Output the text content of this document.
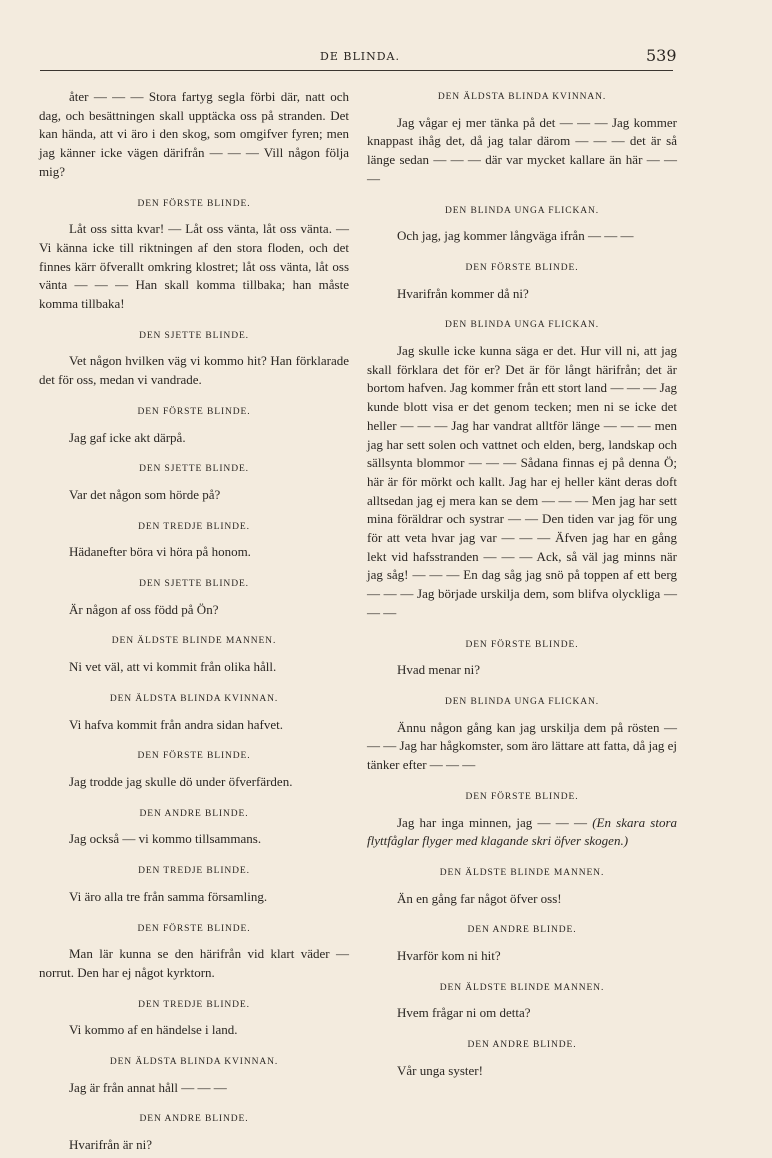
DE BLINDA.	539

åter — — — Stora fartyg segla förbi där, natt och dag, och besättningen skall upptäcka oss på stranden. Det kan hända, att vi äro i den skog, som omgifver fyren; men jag känner icke vägen därifrån — — — Vill någon följa mig?

DEN FÖRSTE BLINDE.

Låt oss sitta kvar! — Låt oss vänta, låt oss vänta. — Vi känna icke till riktningen af den stora floden, och det finnes kärr öfverallt omkring klostret; låt oss vänta, låt oss vänta — — — Han skall komma tillbaka; han måste komma tillbaka!

DEN SJETTE BLINDE.

Vet någon hvilken väg vi kommo hit? Han förklarade det för oss, medan vi vandrade.

DEN FÖRSTE BLINDE.

Jag gaf icke akt därpå.

DEN SJETTE BLINDE.

Var det någon som hörde på?

DEN TREDJE BLINDE.

Hädanefter böra vi höra på honom.

DEN SJETTE BLINDE.

Är någon af oss född på Ön?

DEN ÄLDSTE BLINDE MANNEN.

Ni vet väl, att vi kommit från olika håll.

DEN ÄLDSTA BLINDA KVINNAN.

Vi hafva kommit från andra sidan hafvet.

DEN FÖRSTE BLINDE.

Jag trodde jag skulle dö under öfverfärden.

DEN ANDRE BLINDE.

Jag också — vi kommo tillsammans.

DEN TREDJE BLINDE.

Vi äro alla tre från samma församling.

DEN FÖRSTE BLINDE.

Man lär kunna se den härifrån vid klart väder — norrut. Den har ej något kyrktorn.

DEN TREDJE BLINDE.

Vi kommo af en händelse i land.

DEN ÄLDSTA BLINDA KVINNAN.

Jag är från annat håll — — —

DEN ANDRE BLINDE.

Hvarifrån är ni?

DEN ÄLDSTA BLINDA KVINNAN.

Jag vågar ej mer tänka på det — — — Jag kommer knappast ihåg det, då jag talar därom — — — det är så länge sedan — — — där var mycket kallare än här — — —

DEN BLINDA UNGA FLICKAN.

Och jag, jag kommer långväga ifrån — — —

DEN FÖRSTE BLINDE.

Hvarifrån kommer då ni?

DEN BLINDA UNGA FLICKAN.

Jag skulle icke kunna säga er det. Hur vill ni, att jag skall förklara det för er? Det är för långt härifrån; det är bortom hafven. Jag kommer från ett stort land — — — Jag kunde blott visa er det genom tecken; men ni se icke det heller — — — Jag har vandrat alltför länge — — — men jag har sett solen och vattnet och elden, berg, landskap och sällsynta blommor — — — Sådana finnas ej på denna Ö; här är för mörkt och kallt. Jag har ej heller känt deras doft alltsedan jag ej mera kan se dem — — — Men jag har sett mina föräldrar och systrar — — Den tiden var jag för ung för att veta hvar jag var — — — Äfven jag har en gång lekt vid hafsstranden — — — Ack, så väl jag minns när jag såg! — — — En dag såg jag snö på toppen af ett berg — — — Jag började urskilja dem, som blifva olyckliga — — —

DEN FÖRSTE BLINDE.

Hvad menar ni?

DEN BLINDA UNGA FLICKAN.

Ännu någon gång kan jag urskilja dem på rösten — — — Jag har hågkomster, som äro lättare att fatta, då jag ej tänker efter — — —

DEN FÖRSTE BLINDE.

Jag har inga minnen, jag — — — (En skara stora flyttfåglar flyger med klagande skri öfver skogen.)

DEN ÄLDSTE BLINDE MANNEN.

Än en gång far något öfver oss!

DEN ANDRE BLINDE.

Hvarför kom ni hit?

DEN ÄLDSTE BLINDE MANNEN.

Hvem frågar ni om detta?

DEN ANDRE BLINDE.

Vår unga syster!
